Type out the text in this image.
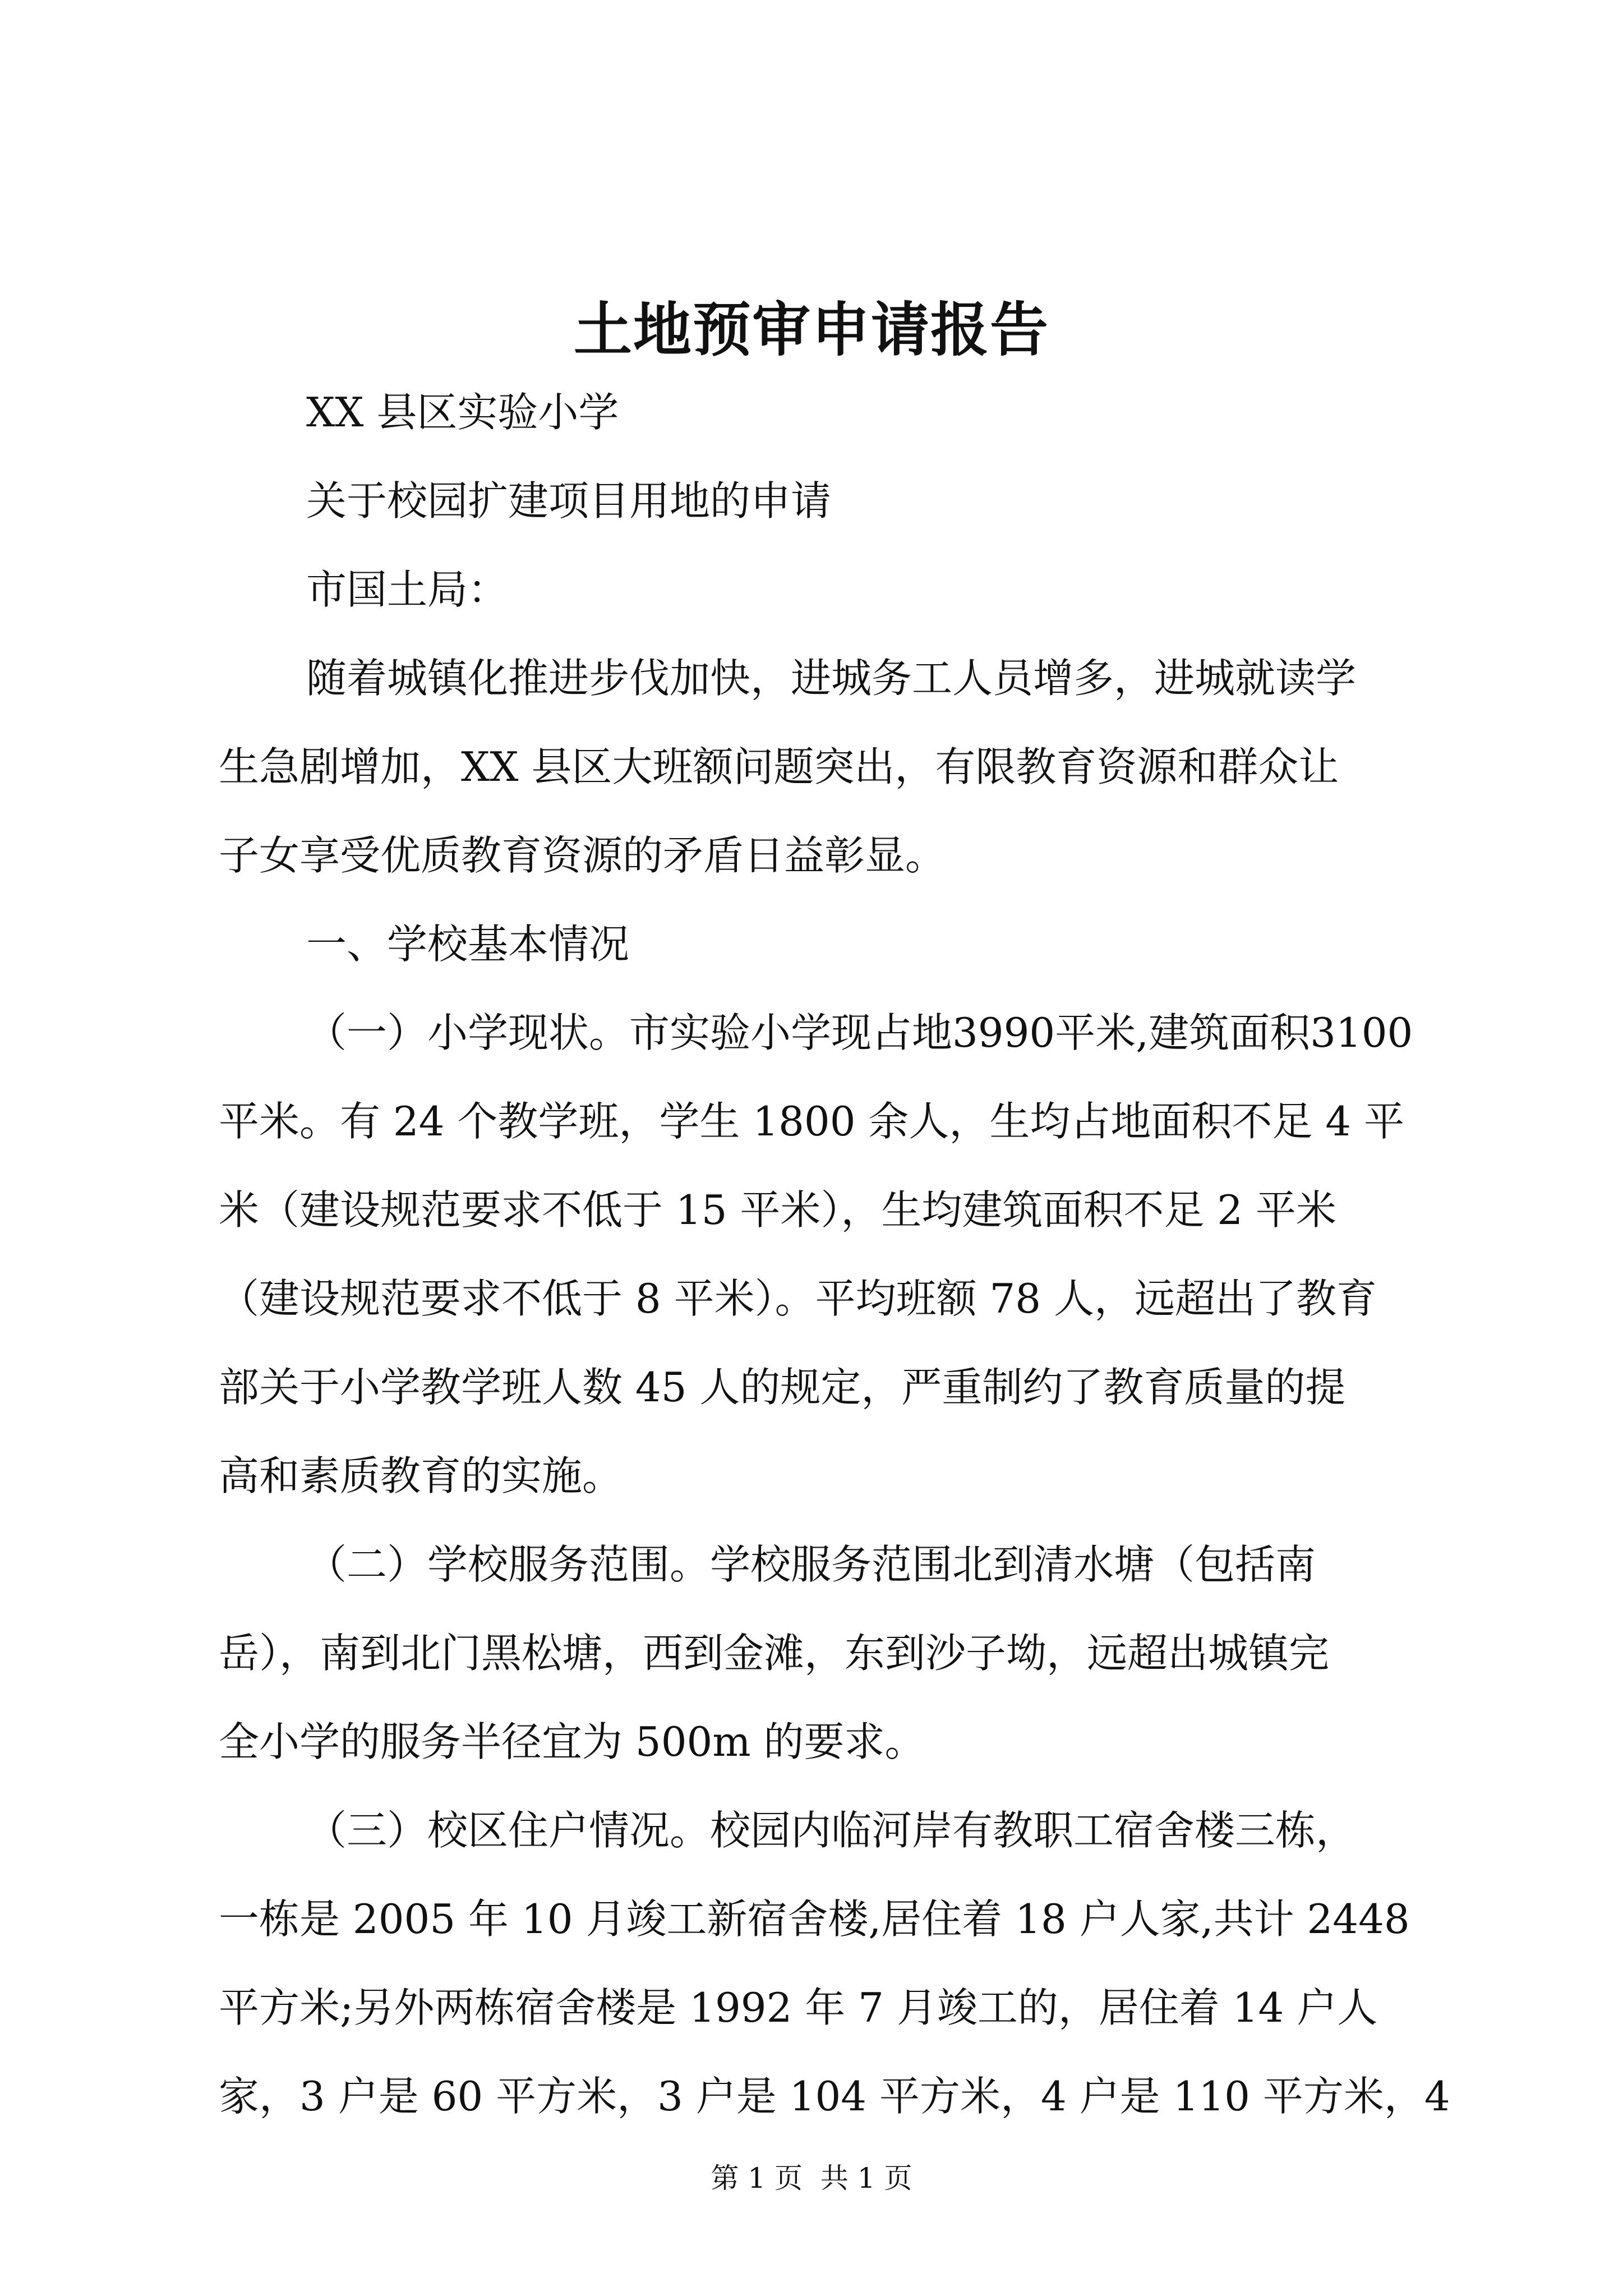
土地预审申请报告
XX 县区实验小学
关于校园扩建项目用地的申请
市国土局：
随着城镇化推进步伐加快，进城务工人员增多，进城就读学
生急剧增加，XX 县区大班额问题突出，有限教育资源和群众让
子女享受优质教育资源的矛盾日益彰显。
一、学校基本情况
（一）小学现状。市实验小学现占地3990平米,建筑面积3100
平米。有 24 个教学班，学生 1800 余人，生均占地面积不足 4 平
米（建设规范要求不低于 15 平米），生均建筑面积不足 2 平米
（建设规范要求不低于 8 平米）。平均班额 78 人，远超出了教育
部关于小学教学班人数 45 人的规定，严重制约了教育质量的提
高和素质教育的实施。
（二）学校服务范围。学校服务范围北到清水塘（包括南
岳），南到北门黑松塘，西到金滩，东到沙子坳，远超出城镇完
全小学的服务半径宜为 500m 的要求。
（三）校区住户情况。校园内临河岸有教职工宿舍楼三栋，
一栋是 2005 年 10 月竣工新宿舍楼,居住着 18 户人家,共计 2448
平方米;另外两栋宿舍楼是 1992 年 7 月竣工的，居住着 14 户人
家，3 户是 60 平方米，3 户是 104 平方米，4 户是 110 平方米，4
第 1 页  共 1 页
